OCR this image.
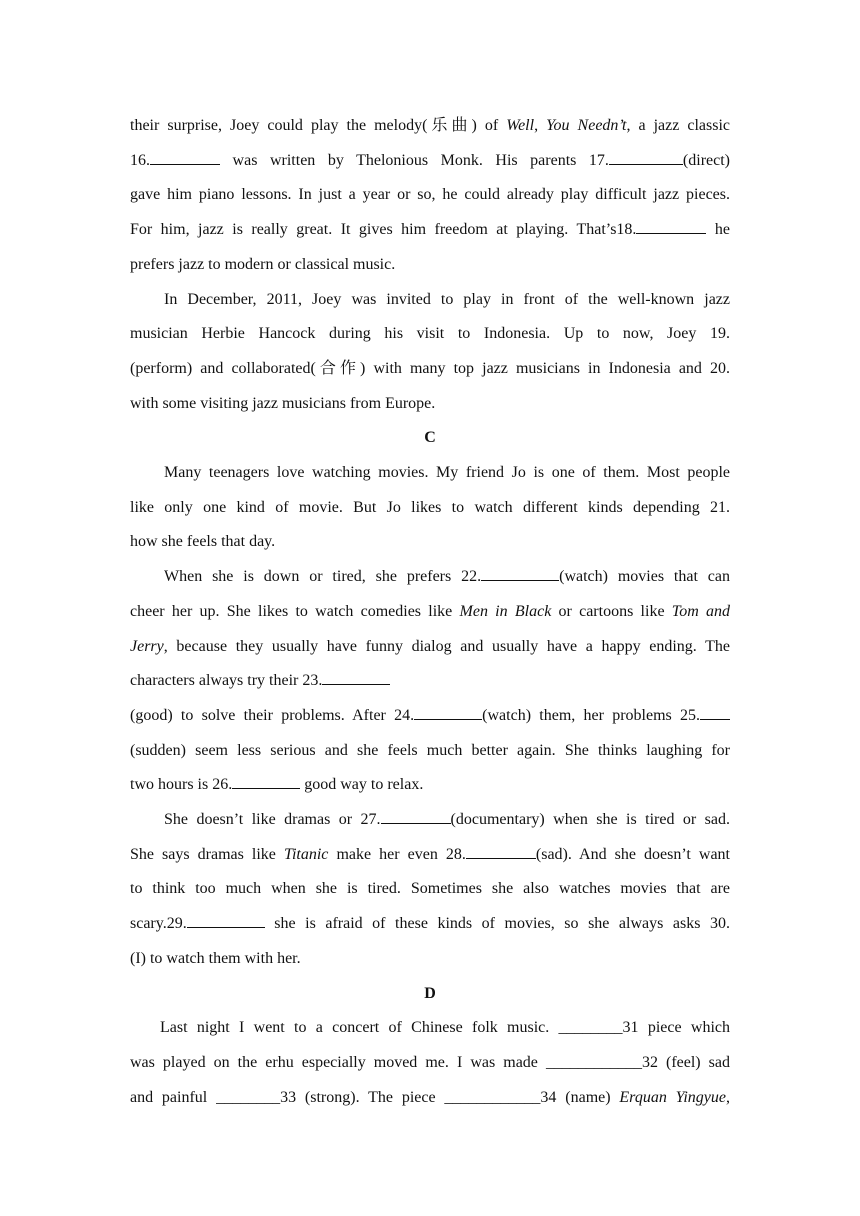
their surprise, Joey could play the melody(乐曲) of Well, You Needn’t, a jazz classic

16.	was written by Thelonious Monk. His parents 17.	(direct)

gave him piano lessons. In just a year or so, he could already play difficult jazz pieces.

For him, jazz is really great. It gives him freedom at playing. That’s18.	he

prefers jazz to modern or classical music.

In December, 2011, Joey was invited to play in front of the well-known jazz

musician Herbie Hancock during his visit to Indonesia. Up to now, Joey 19.

(perform) and collaborated(合作) with many top jazz musicians in Indonesia and 20.

with some visiting jazz musicians from Europe.

C

Many teenagers love watching movies. My friend Jo is one of them. Most people

like only one kind of movie. But Jo likes to watch different kinds depending 21.

how she feels that day.

When she is down or tired, she prefers 22.	(watch) movies that can

cheer her up. She likes to watch comedies like Men in Black or cartoons like Tom and

Jerry, because they usually have funny dialog and usually have a happy ending. The

characters always try their 23.

(good) to solve their problems. After 24.	(watch) them, her problems 25.

(sudden) seem less serious and she feels much better again. She thinks laughing for

two hours is 26.	good way to relax.

She doesn’t like dramas or 27.	(documentary) when she is tired or sad.

She says dramas like Titanic make her even 28.	(sad). And she doesn’t want

to think too much when she is tired. Sometimes she also watches movies that are

scary.29.	she is afraid of these kinds of movies, so she always asks 30.

(I) to watch them with her.

D

Last night I went to a concert of Chinese folk music. ________31 piece which

was played on the erhu especially moved me. I was made ____________32 (feel) sad

and painful ________33 (strong). The piece ____________34 (name) Erquan Yingyue,
